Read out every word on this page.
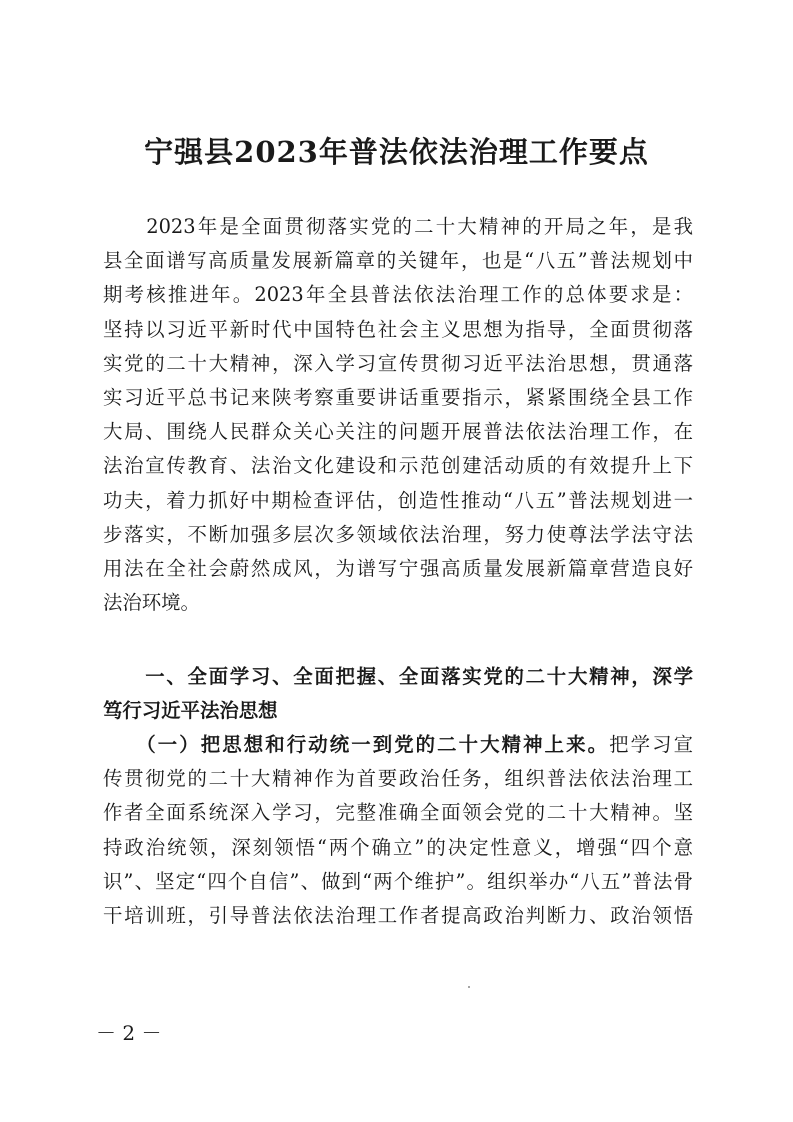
宁强县2023年普法依法治理工作要点
　　2023年是全面贯彻落实党的二十大精神的开局之年，是我
县全面谱写高质量发展新篇章的关键年，也是“八五”普法规划中
期考核推进年。2023年全县普法依法治理工作的总体要求是：
坚持以习近平新时代中国特色社会主义思想为指导，全面贯彻落
实党的二十大精神，深入学习宣传贯彻习近平法治思想，贯通落
实习近平总书记来陕考察重要讲话重要指示，紧紧围绕全县工作
大局、围绕人民群众关心关注的问题开展普法依法治理工作，在
法治宣传教育、法治文化建设和示范创建活动质的有效提升上下
功夫，着力抓好中期检查评估，创造性推动“八五”普法规划进一
步落实，不断加强多层次多领域依法治理，努力使尊法学法守法
用法在全社会蔚然成风，为谱写宁强高质量发展新篇章营造良好
法治环境。
　　一、全面学习、全面把握、全面落实党的二十大精神，深学
笃行习近平法治思想
　　（一）把思想和行动统一到党的二十大精神上来。把学习宣
传贯彻党的二十大精神作为首要政治任务，组织普法依法治理工
作者全面系统深入学习，完整准确全面领会党的二十大精神。坚
持政治统领，深刻领悟“两个确立”的决定性意义，增强“四个意
识”、坚定“四个自信”、做到“两个维护”。组织举办“八五”普法骨
干培训班，引导普法依法治理工作者提高政治判断力、政治领悟
－ 2 －
